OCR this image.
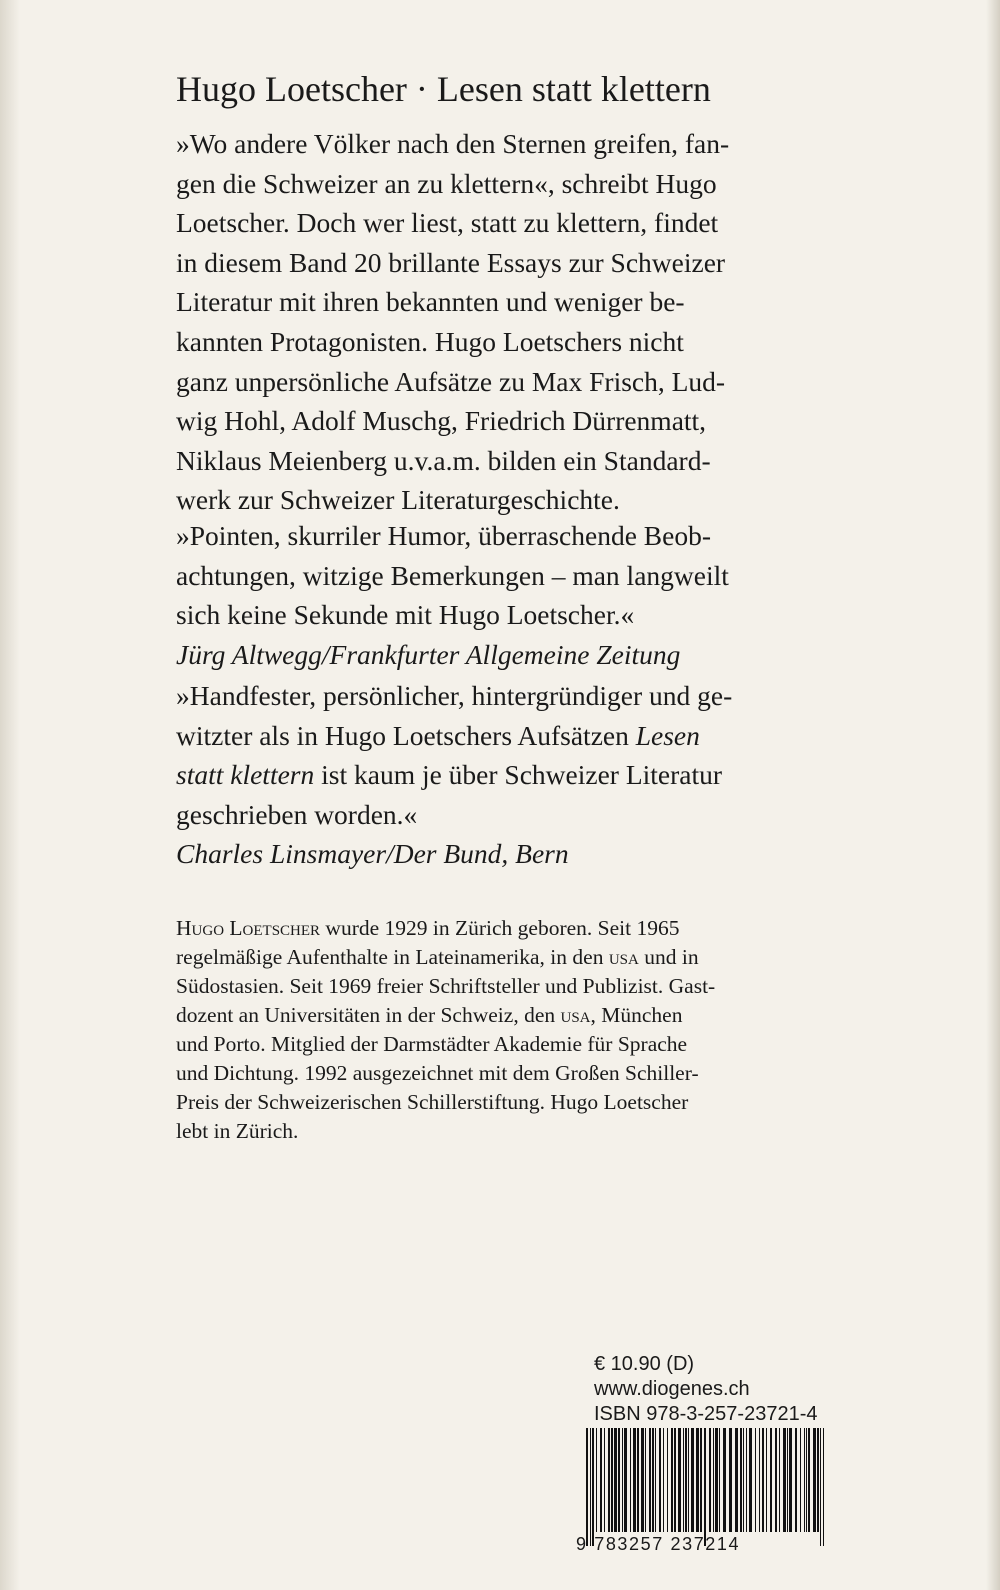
Hugo Loetscher · Lesen statt klettern

»Wo andere Völker nach den Sternen greifen, fan-
gen die Schweizer an zu klettern«, schreibt Hugo
Loetscher. Doch wer liest, statt zu klettern, findet
in diesem Band 20 brillante Essays zur Schweizer
Literatur mit ihren bekannten und weniger be-
kannten Protagonisten. Hugo Loetschers nicht
ganz unpersönliche Aufsätze zu Max Frisch, Lud-
wig Hohl, Adolf Muschg, Friedrich Dürrenmatt,
Niklaus Meienberg u.v.a.m. bilden ein Standard-
werk zur Schweizer Literaturgeschichte.

»Pointen, skurriler Humor, überraschende Beob-
achtungen, witzige Bemerkungen – man langweilt
sich keine Sekunde mit Hugo Loetscher.«

Jürg Altwegg/Frankfurter Allgemeine Zeitung

»Handfester, persönlicher, hintergründiger und ge-
witzter als in Hugo Loetschers Aufsätzen Lesen
statt klettern ist kaum je über Schweizer Literatur
geschrieben worden.«

Charles Linsmayer/Der Bund, Bern

Hugo Loetscher wurde 1929 in Zürich geboren. Seit 1965
regelmäßige Aufenthalte in Lateinamerika, in den usa und in
Südostasien. Seit 1969 freier Schriftsteller und Publizist. Gast-
dozent an Universitäten in der Schweiz, den usa, München
und Porto. Mitglied der Darmstädter Akademie für Sprache
und Dichtung. 1992 ausgezeichnet mit dem Großen Schiller-
Preis der Schweizerischen Schillerstiftung. Hugo Loetscher
lebt in Zürich.

€ 10.90 (D)
www.diogenes.ch
ISBN 978-3-257-23721-4
9 783257 237214
